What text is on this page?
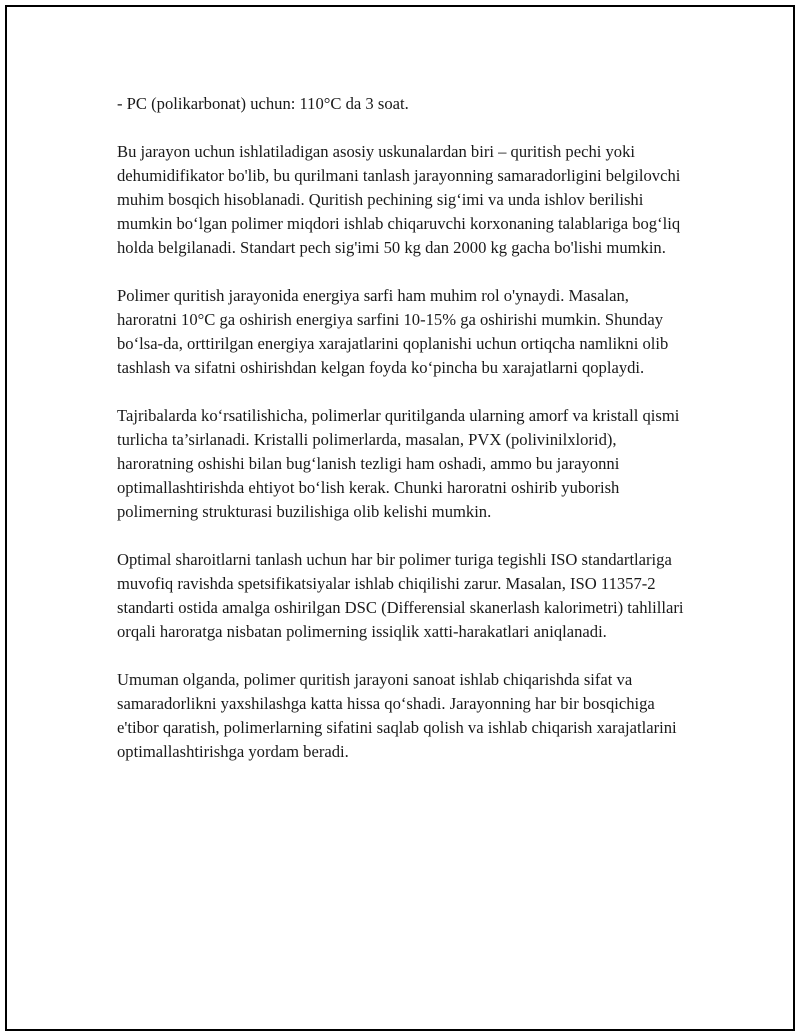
- PC (polikarbonat) uchun: 110°C da 3 soat.

Bu jarayon uchun ishlatiladigan asosiy uskunalardan biri – quritish pechi yoki dehumidifikator bo'lib, bu qurilmani tanlash jarayonning samaradorligini belgilovchi muhim bosqich hisoblanadi. Quritish pechining sig‘imi va unda ishlov berilishi mumkin bo‘lgan polimer miqdori ishlab chiqaruvchi korxonaning talablariga bog‘liq holda belgilanadi. Standart pech sig'imi 50 kg dan 2000 kg gacha bo'lishi mumkin.

Polimer quritish jarayonida energiya sarfi ham muhim rol o'ynaydi. Masalan, haroratni 10°C ga oshirish energiya sarfini 10-15% ga oshirishi mumkin. Shunday bo‘lsa-da, orttirilgan energiya xarajatlarini qoplanishi uchun ortiqcha namlikni olib tashlash va sifatni oshirishdan kelgan foyda ko‘pincha bu xarajatlarni qoplaydi.

Tajribalarda ko‘rsatilishicha, polimerlar quritilganda ularning amorf va kristall qismi turlicha ta’sirlanadi. Kristalli polimerlarda, masalan, PVX (polivinilxlorid), haroratning oshishi bilan bug‘lanish tezligi ham oshadi, ammo bu jarayonni optimallashtirishda ehtiyot bo‘lish kerak. Chunki haroratni oshirib yuborish polimerning strukturasi buzilishiga olib kelishi mumkin.

Optimal sharoitlarni tanlash uchun har bir polimer turiga tegishli ISO standartlariga muvofiq ravishda spetsifikatsiyalar ishlab chiqilishi zarur. Masalan, ISO 11357-2 standarti ostida amalga oshirilgan DSC (Differensial skanerlash kalorimetri) tahlillari orqali haroratga nisbatan polimerning issiqlik xatti-harakatlari aniqlanadi.

Umuman olganda, polimer quritish jarayoni sanoat ishlab chiqarishda sifat va samaradorlikni yaxshilashga katta hissa qo‘shadi. Jarayonning har bir bosqichiga e'tibor qaratish, polimerlarning sifatini saqlab qolish va ishlab chiqarish xarajatlarini optimallashtirishga yordam beradi.
